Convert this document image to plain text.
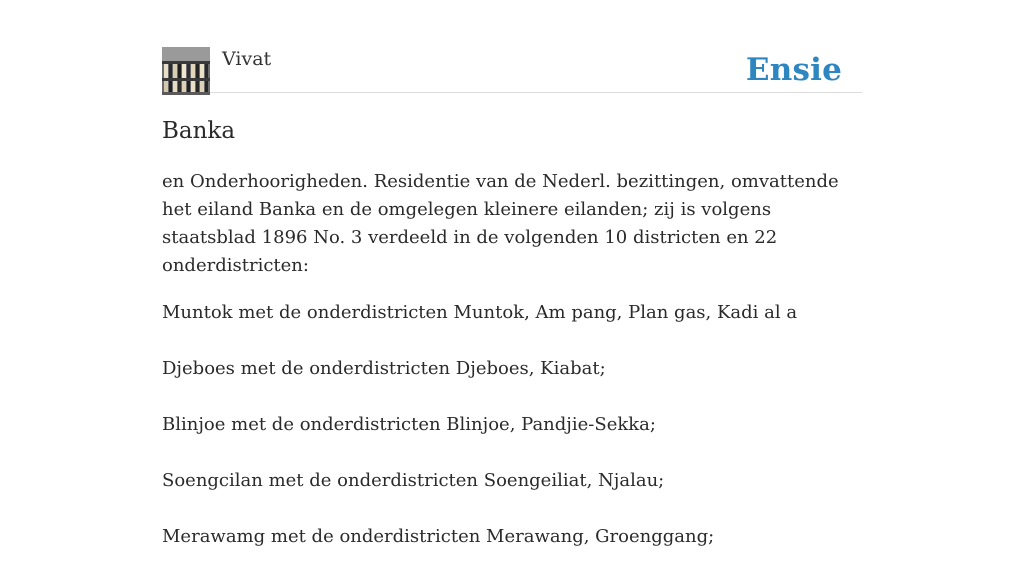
Vivat	Ensie
Banka

en Onderhoorigheden. Residentie van de Nederl. bezittingen, omvattende het eiland Banka en de omgelegen kleinere eilanden; zij is volgens staatsblad 1896 No. 3 verdeeld in de volgenden 10 districten en 22 onderdistricten:

Muntok met de onderdistricten Muntok, Am pang, Plan gas, Kadi al a

Djeboes met de onderdistricten Djeboes, Kiabat;

Blinjoe met de onderdistricten Blinjoe, Pandjie-Sekka;

Soengcilan met de onderdistricten Soengeiliat, Njalau;

Merawamg met de onderdistricten Merawang, Groenggang;
